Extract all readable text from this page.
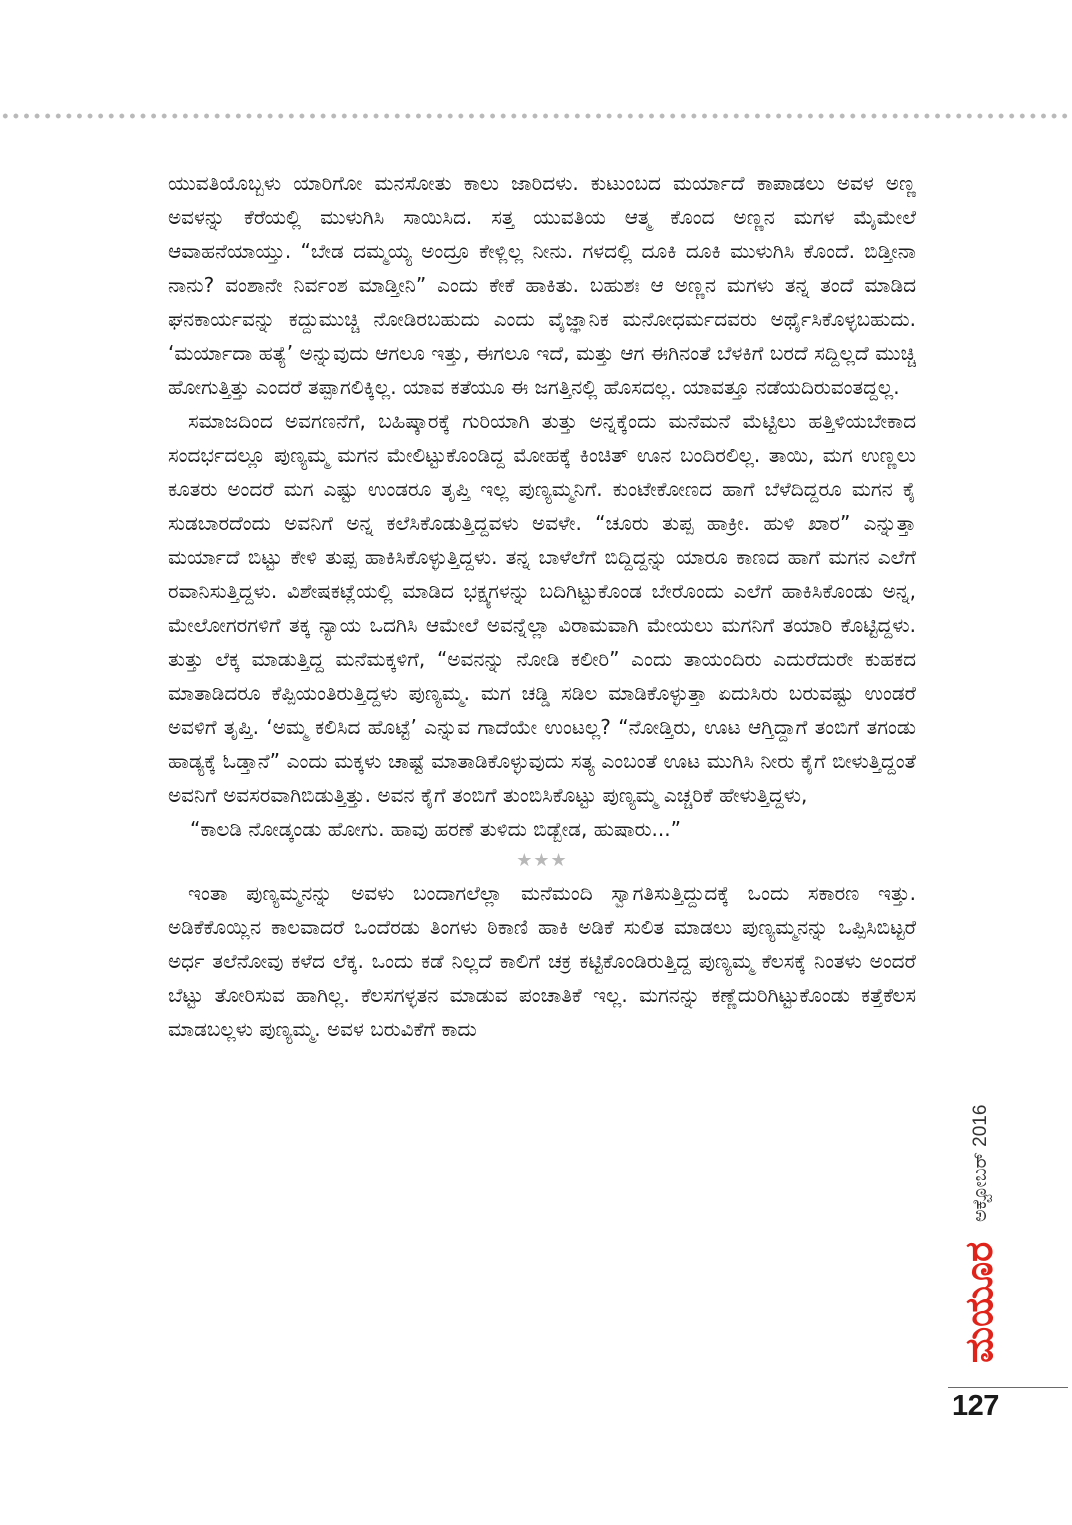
ಯುವತಿಯೊಬ್ಬಳು ಯಾರಿಗೋ ಮನಸೋತು ಕಾಲು ಜಾರಿದಳು. ಕುಟುಂಬದ ಮರ್ಯಾದೆ ಕಾಪಾಡಲು ಅವಳ ಅಣ್ಣ ಅವಳನ್ನು ಕೆರೆಯಲ್ಲಿ ಮುಳುಗಿಸಿ ಸಾಯಿಸಿದ. ಸತ್ತ ಯುವತಿಯ ಆತ್ಮ ಕೊಂದ ಅಣ್ಣನ ಮಗಳ ಮೈಮೇಲೆ ಆವಾಹನೆಯಾಯ್ತು. “ಬೇಡ ದಮ್ಮಯ್ಯ ಅಂದ್ರೂ ಕೇಳ್ಲಿಲ್ಲ ನೀನು. ಗಳದಲ್ಲಿ ದೂಕಿ ದೂಕಿ ಮುಳುಗಿಸಿ ಕೊಂದೆ. ಬಿಡ್ತೀನಾ ನಾನು? ವಂಶಾನೇ ನಿರ್ವಂಶ ಮಾಡ್ತೀನಿ” ಎಂದು ಕೇಕೆ ಹಾಕಿತು. ಬಹುಶಃ ಆ ಅಣ್ಣನ ಮಗಳು ತನ್ನ ತಂದೆ ಮಾಡಿದ ಘನಕಾರ್ಯವನ್ನು ಕದ್ದುಮುಚ್ಚಿ ನೋಡಿರಬಹುದು ಎಂದು ವೈಜ್ಞಾನಿಕ ಮನೋಧರ್ಮದವರು ಅರ್ಥೈಸಿಕೊಳ್ಳಬಹುದು. ‘ಮರ್ಯಾದಾ ಹತ್ಯೆ’ ಅನ್ನುವುದು ಆಗಲೂ ಇತ್ತು, ಈಗಲೂ ಇದೆ, ಮತ್ತು ಆಗ ಈಗಿನಂತೆ ಬೆಳಕಿಗೆ ಬರದೆ ಸದ್ದಿಲ್ಲದೆ ಮುಚ್ಚಿ ಹೋಗುತ್ತಿತ್ತು ಎಂದರೆ ತಪ್ಪಾಗಲಿಕ್ಕಿಲ್ಲ. ಯಾವ ಕತೆಯೂ ಈ ಜಗತ್ತಿನಲ್ಲಿ ಹೊಸದಲ್ಲ. ಯಾವತ್ತೂ ನಡೆಯದಿರುವಂತದ್ದಲ್ಲ.

ಸಮಾಜದಿಂದ ಅವಗಣನೆಗೆ, ಬಹಿಷ್ಕಾರಕ್ಕೆ ಗುರಿಯಾಗಿ ತುತ್ತು ಅನ್ನಕ್ಕೆಂದು ಮನೆಮನೆ ಮೆಟ್ಟಿಲು ಹತ್ತಿಳಿಯಬೇಕಾದ ಸಂದರ್ಭದಲ್ಲೂ ಪುಣ್ಯಮ್ಮ ಮಗನ ಮೇಲಿಟ್ಟುಕೊಂಡಿದ್ದ ಮೋಹಕ್ಕೆ ಕಿಂಚಿತ್ ಊನ ಬಂದಿರಲಿಲ್ಲ. ತಾಯಿ, ಮಗ ಉಣ್ಣಲು ಕೂತರು ಅಂದರೆ ಮಗ ಎಷ್ಟು ಉಂಡರೂ ತೃಪ್ತಿ ಇಲ್ಲ ಪುಣ್ಯಮ್ಮನಿಗೆ. ಕುಂಟೇಕೋಣದ ಹಾಗೆ ಬೆಳೆದಿದ್ದರೂ ಮಗನ ಕೈ ಸುಡಬಾರದೆಂದು ಅವನಿಗೆ ಅನ್ನ ಕಲೆಸಿಕೊಡುತ್ತಿದ್ದವಳು ಅವಳೇ. “ಚೂರು ತುಪ್ಪ ಹಾಕ್ರೀ. ಹುಳಿ ಖಾರ” ಎನ್ನುತ್ತಾ ಮರ್ಯಾದೆ ಬಿಟ್ಟು ಕೇಳಿ ತುಪ್ಪ ಹಾಕಿಸಿಕೊಳ್ಳುತ್ತಿದ್ದಳು. ತನ್ನ ಬಾಳೆಲೆಗೆ ಬಿದ್ದಿದ್ದನ್ನು ಯಾರೂ ಕಾಣದ ಹಾಗೆ ಮಗನ ಎಲೆಗೆ ರವಾನಿಸುತ್ತಿದ್ದಳು. ವಿಶೇಷಕಟ್ಲೆಯಲ್ಲಿ ಮಾಡಿದ ಭಕ್ಷ್ಯಗಳನ್ನು ಬದಿಗಿಟ್ಟುಕೊಂಡ ಬೇರೊಂದು ಎಲೆಗೆ ಹಾಕಿಸಿಕೊಂಡು ಅನ್ನ, ಮೇಲೋಗರಗಳಿಗೆ ತಕ್ಕ ನ್ಯಾಯ ಒದಗಿಸಿ ಆಮೇಲೆ ಅವನ್ನೆಲ್ಲಾ ವಿರಾಮವಾಗಿ ಮೇಯಲು ಮಗನಿಗೆ ತಯಾರಿ ಕೊಟ್ಟಿದ್ದಳು. ತುತ್ತು ಲೆಕ್ಕ ಮಾಡುತ್ತಿದ್ದ ಮನೆಮಕ್ಕಳಿಗೆ, “ಅವನನ್ನು ನೋಡಿ ಕಲೀರಿ” ಎಂದು ತಾಯಂದಿರು ಎದುರೆದುರೇ ಕುಹಕದ ಮಾತಾಡಿದರೂ ಕೆಪ್ಪಿಯಂತಿರುತ್ತಿದ್ದಳು ಪುಣ್ಯಮ್ಮ. ಮಗ ಚಡ್ಡಿ ಸಡಿಲ ಮಾಡಿಕೊಳ್ಳುತ್ತಾ ಏದುಸಿರು ಬರುವಷ್ಟು ಉಂಡರೆ ಅವಳಿಗೆ ತೃಪ್ತಿ. ‘ಅಮ್ಮ ಕಲಿಸಿದ ಹೊಟ್ಟೆ’ ಎನ್ನುವ ಗಾದೆಯೇ ಉಂಟಲ್ಲ? “ನೋಡ್ತಿರು, ಊಟ ಆಗ್ತಿದ್ದಾಗೆ ತಂಬಿಗೆ ತಗಂಡು ಹಾಡ್ಯಕ್ಕೆ ಓಡ್ತಾನೆ” ಎಂದು ಮಕ್ಕಳು ಚಾಷ್ಟೆ ಮಾತಾಡಿಕೊಳ್ಳುವುದು ಸತ್ಯ ಎಂಬಂತೆ ಊಟ ಮುಗಿಸಿ ನೀರು ಕೈಗೆ ಬೀಳುತ್ತಿದ್ದಂತೆ ಅವನಿಗೆ ಅವಸರವಾಗಿಬಿಡುತ್ತಿತ್ತು. ಅವನ ಕೈಗೆ ತಂಬಿಗೆ ತುಂಬಿಸಿಕೊಟ್ಟು ಪುಣ್ಯಮ್ಮ ಎಚ್ಚರಿಕೆ ಹೇಳುತ್ತಿದ್ದಳು,

“ಕಾಲಡಿ ನೋಡ್ಕಂಡು ಹೋಗು. ಹಾವು ಹರಣೆ ತುಳಿದು ಬಿಡ್ಬೇಡ, ಹುಷಾರು...”

★★★

ಇಂತಾ ಪುಣ್ಯಮ್ಮನನ್ನು ಅವಳು ಬಂದಾಗಲೆಲ್ಲಾ ಮನೆಮಂದಿ ಸ್ವಾಗತಿಸುತ್ತಿದ್ದುದಕ್ಕೆ ಒಂದು ಸಕಾರಣ ಇತ್ತು. ಅಡಿಕೆಕೊಯ್ಲಿನ ಕಾಲವಾದರೆ ಒಂದೆರಡು ತಿಂಗಳು ಠಿಕಾಣಿ ಹಾಕಿ ಅಡಿಕೆ ಸುಲಿತ ಮಾಡಲು ಪುಣ್ಯಮ್ಮನನ್ನು ಒಪ್ಪಿಸಿಬಿಟ್ಟರೆ ಅರ್ಧ ತಲೆನೋವು ಕಳೆದ ಲೆಕ್ಕ. ಒಂದು ಕಡೆ ನಿಲ್ಲದೆ ಕಾಲಿಗೆ ಚಕ್ರ ಕಟ್ಟಿಕೊಂಡಿರುತ್ತಿದ್ದ ಪುಣ್ಯಮ್ಮ ಕೆಲಸಕ್ಕೆ ನಿಂತಳು ಅಂದರೆ ಬೆಟ್ಟು ತೋರಿಸುವ ಹಾಗಿಲ್ಲ. ಕೆಲಸಗಳ್ಳತನ ಮಾಡುವ ಪಂಚಾತಿಕೆ ಇಲ್ಲ. ಮಗನನ್ನು ಕಣ್ಣೆದುರಿಗಿಟ್ಟುಕೊಂಡು ಕತ್ತೆಕೆಲಸ ಮಾಡಬಲ್ಲಳು ಪುಣ್ಯಮ್ಮ. ಅವಳ ಬರುವಿಕೆಗೆ ಕಾದು

ಅಕ್ಟೋಬರ್ 2016
ಮಯೂರ
127
